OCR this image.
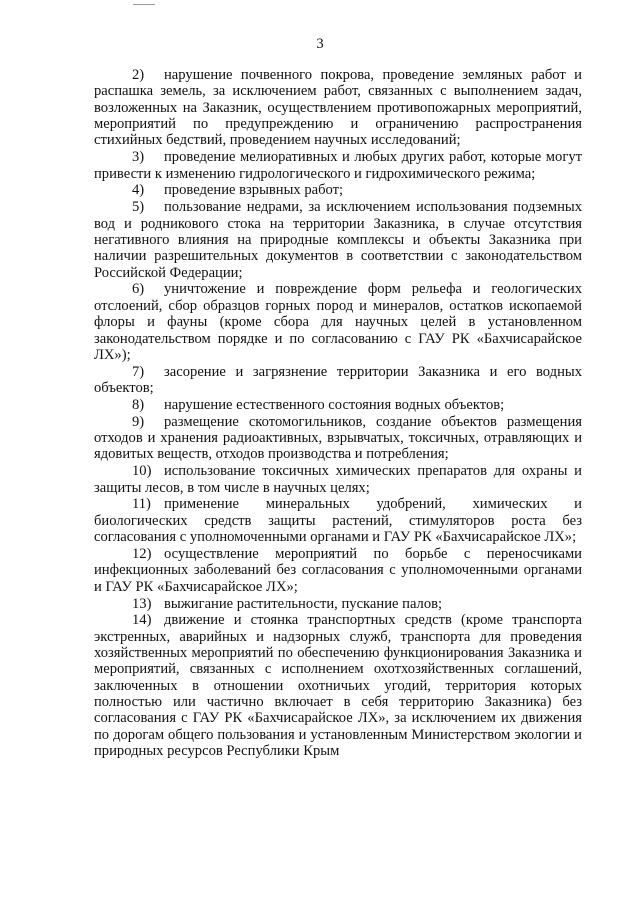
3

2) нарушение почвенного покрова, проведение земляных работ и распашка земель, за исключением работ, связанных с выполнением задач, возложенных на Заказник, осуществлением противопожарных мероприятий, мероприятий по предупреждению и ограничению распространения стихийных бедствий, проведением научных исследований;

3) проведение мелиоративных и любых других работ, которые могут привести к изменению гидрологического и гидрохимического режима;

4) проведение взрывных работ;

5) пользование недрами, за исключением использования подземных вод и родникового стока на территории Заказника, в случае отсутствия негативного влияния на природные комплексы и объекты Заказника при наличии разрешительных документов в соответствии с законодательством Российской Федерации;

6) уничтожение и повреждение форм рельефа и геологических отслоений, сбор образцов горных пород и минералов, остатков ископаемой флоры и фауны (кроме сбора для научных целей в установленном законодательством порядке и по согласованию с ГАУ РК «Бахчисарайское ЛХ»);

7) засорение и загрязнение территории Заказника и его водных объектов;

8) нарушение естественного состояния водных объектов;

9) размещение скотомогильников, создание объектов размещения отходов и хранения радиоактивных, взрывчатых, токсичных, отравляющих и ядовитых веществ, отходов производства и потребления;

10) использование токсичных химических препаратов для охраны и защиты лесов, в том числе в научных целях;

11) применение минеральных удобрений, химических и биологических средств защиты растений, стимуляторов роста без согласования с уполномоченными органами и ГАУ РК «Бахчисарайское ЛХ»;

12) осуществление мероприятий по борьбе с переносчиками инфекционных заболеваний без согласования с уполномоченными органами и ГАУ РК «Бахчисарайское ЛХ»;

13) выжигание растительности, пускание палов;

14) движение и стоянка транспортных средств (кроме транспорта экстренных, аварийных и надзорных служб, транспорта для проведения хозяйственных мероприятий по обеспечению функционирования Заказника и мероприятий, связанных с исполнением охотхозяйственных соглашений, заключенных в отношении охотничьих угодий, территория которых полностью или частично включает в себя территорию Заказника) без согласования с ГАУ РК «Бахчисарайское ЛХ», за исключением их движения по дорогам общего пользования и установленным Министерством экологии и природных ресурсов Республики Крым
